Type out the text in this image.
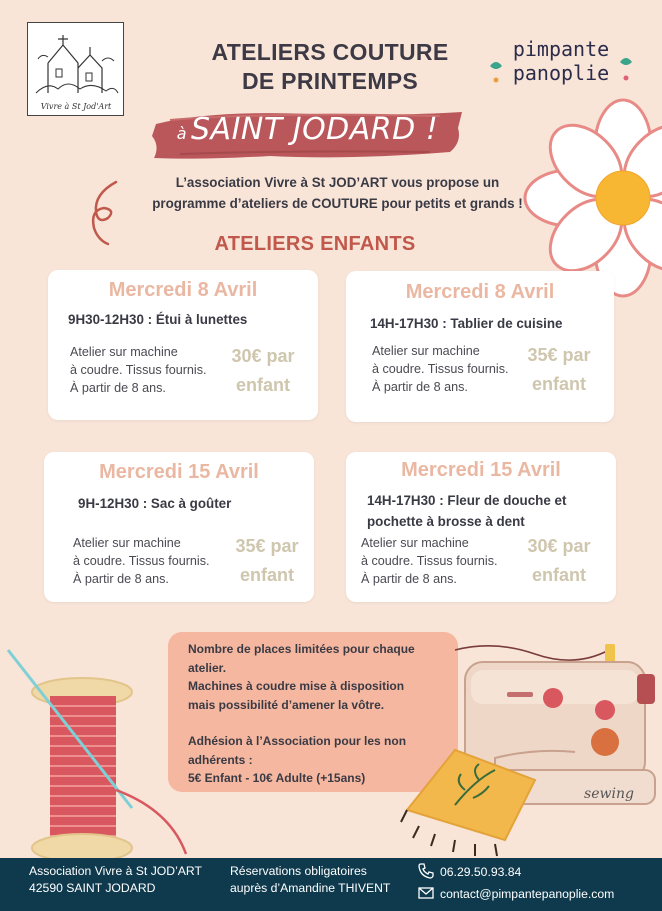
Vivre à St Jod'Art
ATELIERS COUTURE
DE PRINTEMPS
pimpante
panoplie
à SAINT JODARD !
L’association Vivre à St JOD’ART vous propose un
programme d’ateliers de COUTURE pour petits et grands !
ATELIERS ENFANTS
Mercredi 8 Avril
9H30-12H30 : Étui à lunettes
Atelier sur machine
à coudre. Tissus fournis.
À partir de 8 ans.
30€ par
enfant
Mercredi 8 Avril
14H-17H30 : Tablier de cuisine
Atelier sur machine
à coudre. Tissus fournis.
À partir de 8 ans.
35€ par
enfant
Mercredi 15 Avril
9H-12H30 : Sac à goûter
Atelier sur machine
à coudre. Tissus fournis.
À partir de 8 ans.
35€ par
enfant
Mercredi 15 Avril
14H-17H30 : Fleur de douche et
pochette à brosse à dent
Atelier sur machine
à coudre. Tissus fournis.
À partir de 8 ans.
30€ par
enfant
Nombre de places limitées pour chaque
atelier.
Machines à coudre mise à disposition
mais possibilité d’amener la vôtre.
Adhésion à l’Association pour les non
adhérents :
5€ Enfant - 10€ Adulte (+15ans)
sewing
Association Vivre à St JOD’ART
42590 SAINT JODARD
Réservations obligatoires
auprès d’Amandine THIVENT
06.29.50.93.84
contact@pimpantepanoplie.com
